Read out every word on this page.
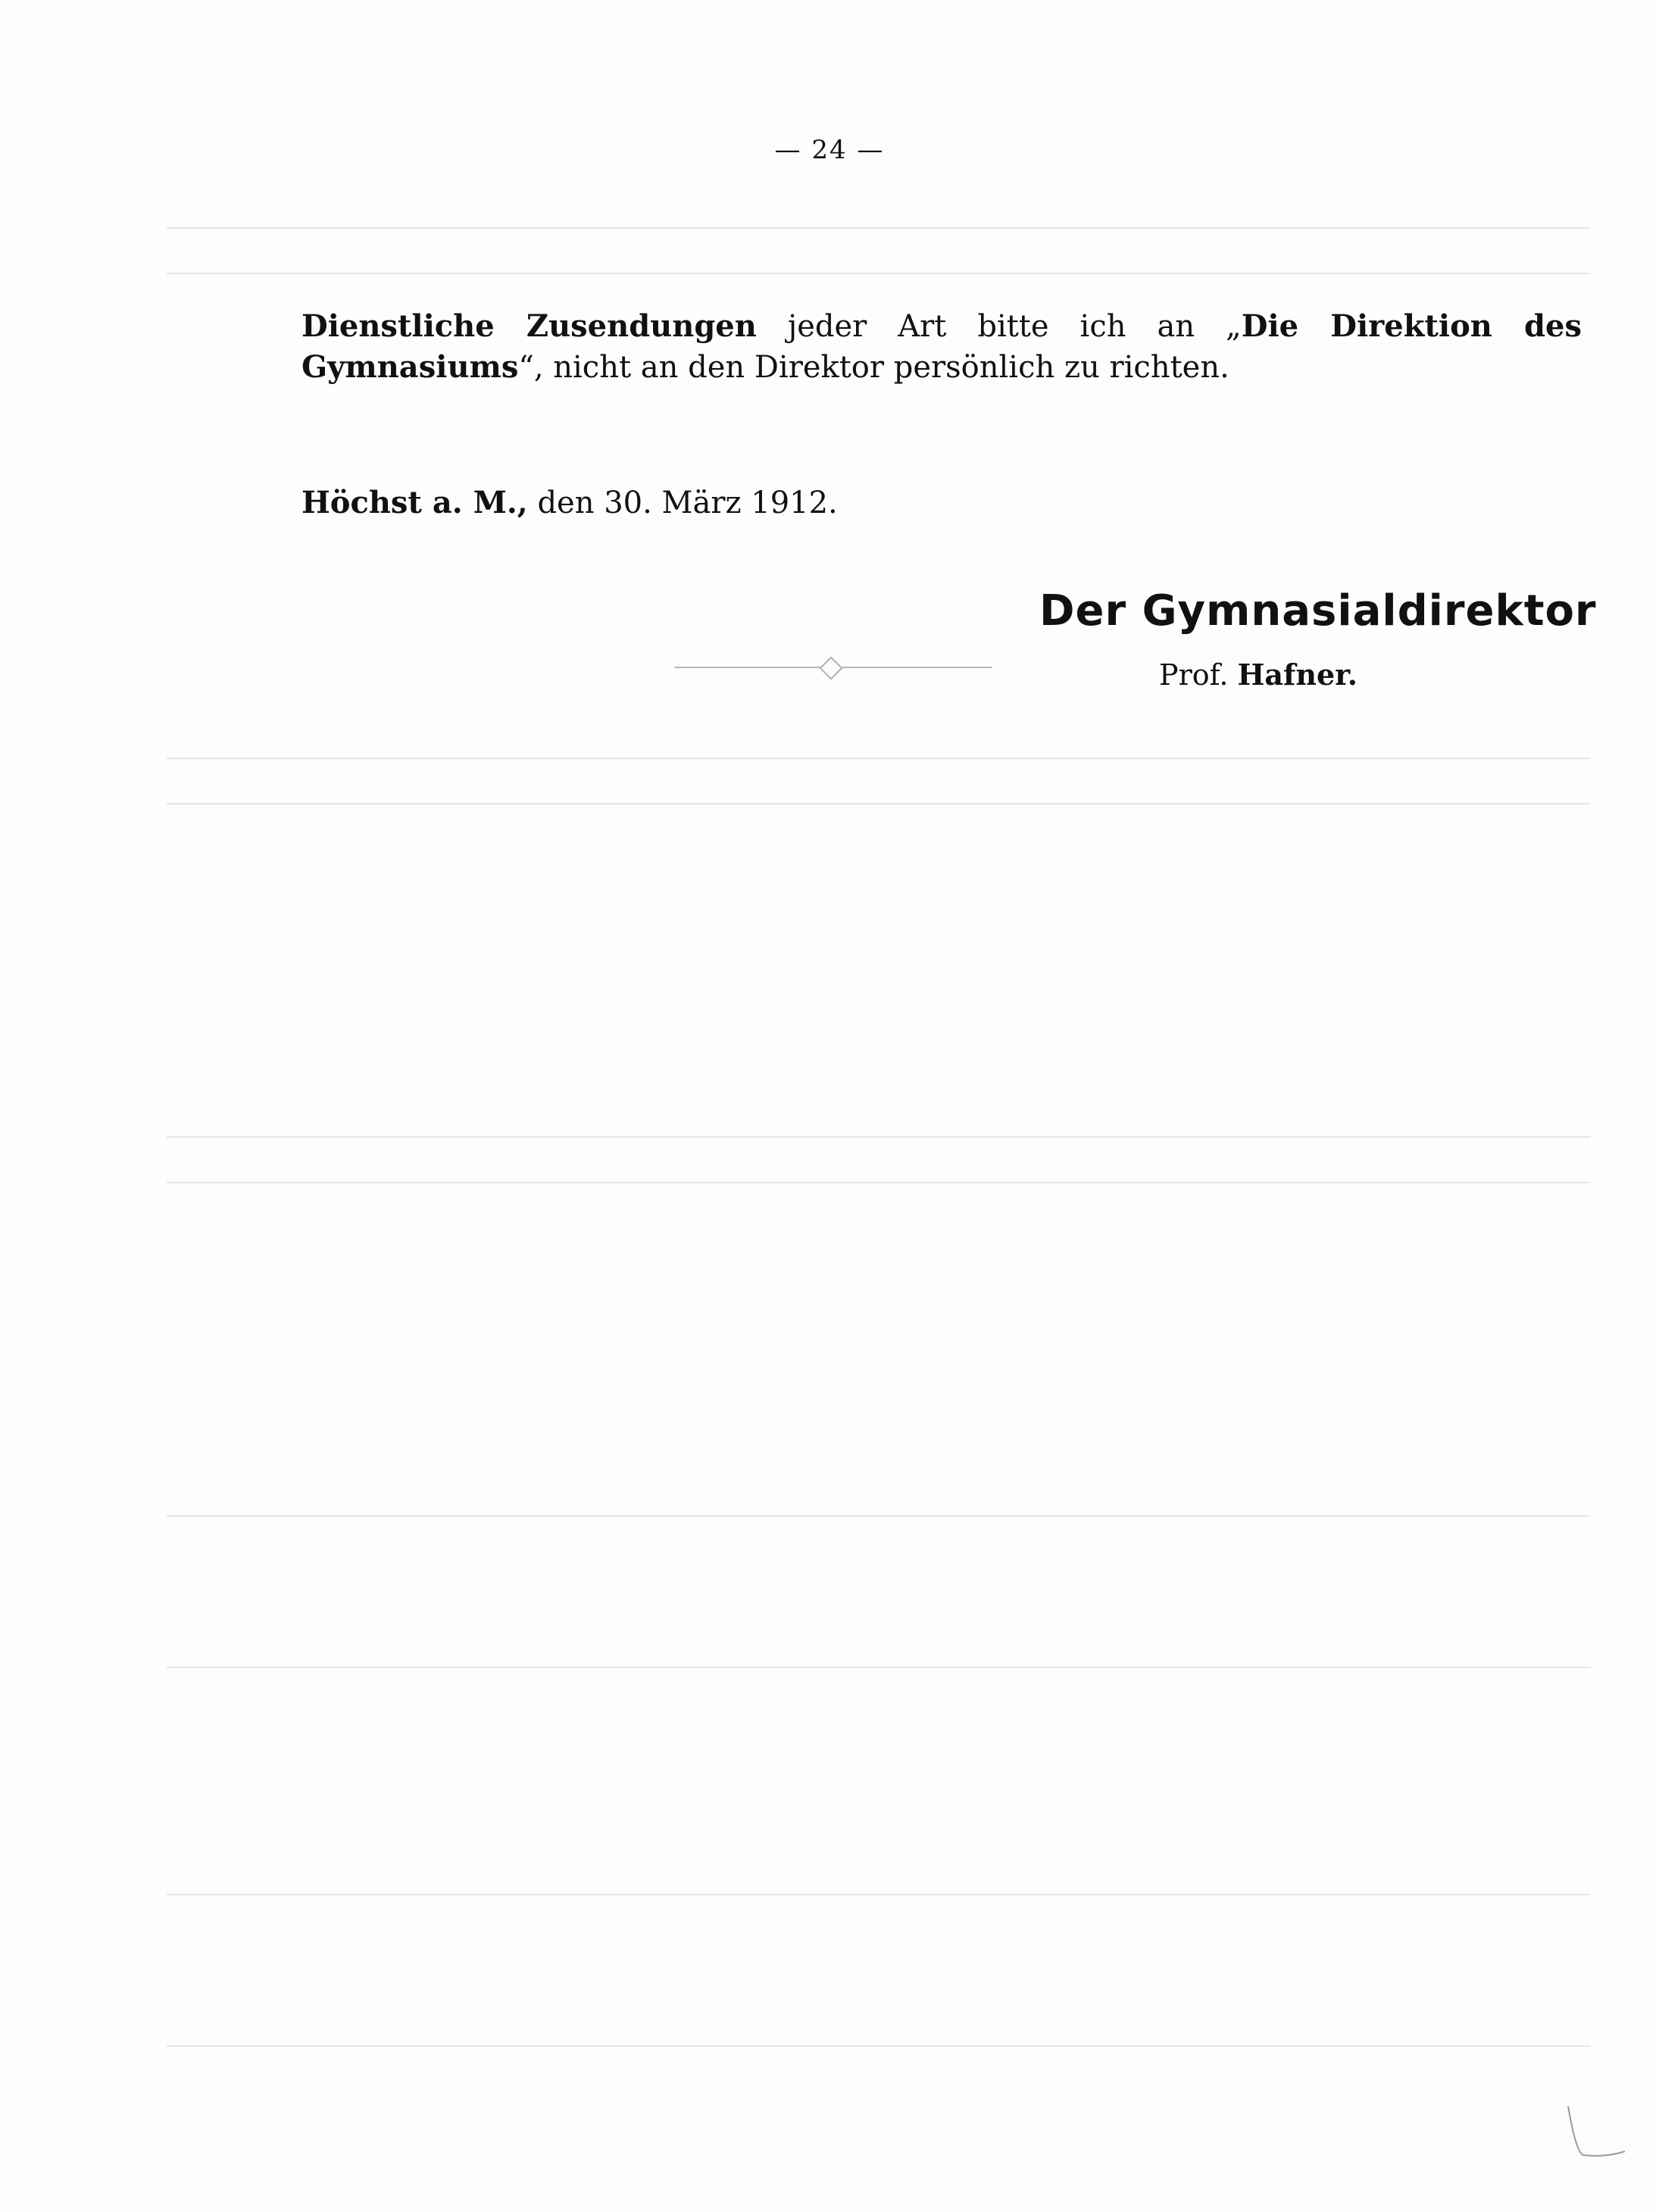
— 24 —
Dienstliche Zusendungen jeder Art bitte ich an „Die Direktion des Gymnasiums“, nicht an den Direktor persönlich zu richten.
Höchst a. M., den 30. März 1912.
Der Gymnasialdirektor
Prof. Hafner.
